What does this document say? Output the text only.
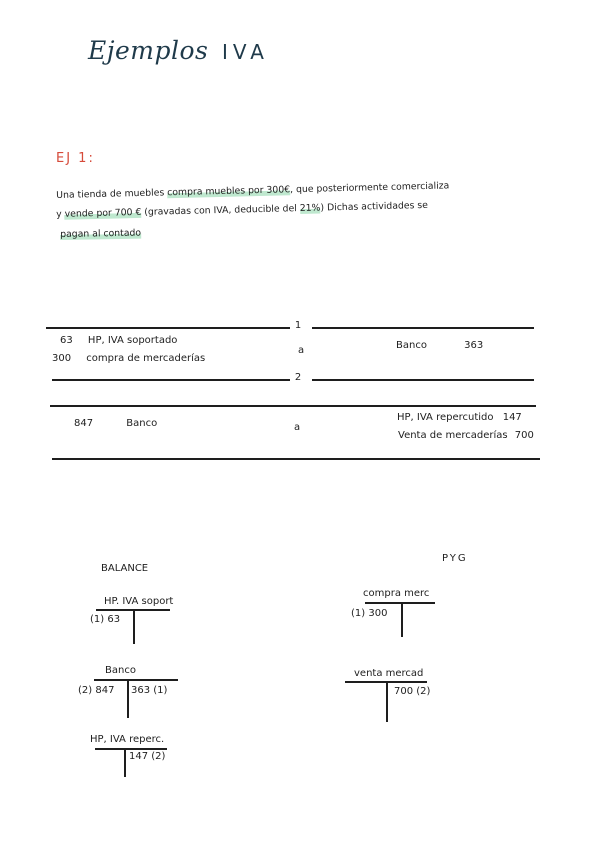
Ejemplos IVA
EJ 1:
Una tienda de muebles compra muebles por 300€, que posteriormente comercializa
y vende por 700 € (gravadas con IVA, deducible del 21%) Dichas actividades se
pagan al contado
1
63 HP, IVA soportado
300 compra de mercaderías
a	Banco	363
2
847	Banco	a
HP, IVA repercutido 147
Venta de mercaderías 700
BALANCE
PYG
HP. IVA soport
(1) 63
Banco
(2) 847 363 (1)
HP, IVA reperc.
147 (2)
compra merc
(1) 300
venta mercad
700 (2)
